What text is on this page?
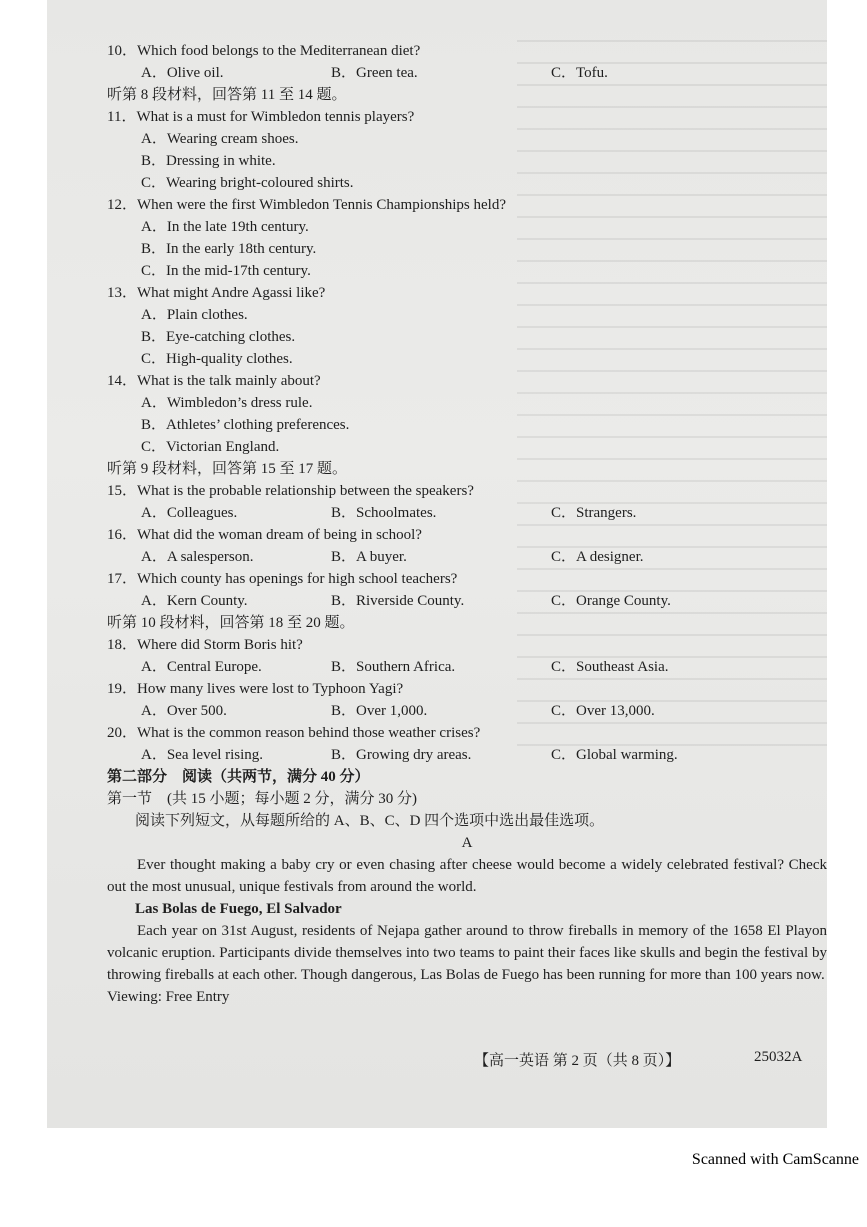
10．Which food belongs to the Mediterranean diet?
A．Olive oil.	B．Green tea.	C．Tofu.
听第 8 段材料，回答第 11 至 14 题。
11．What is a must for Wimbledon tennis players?
A．Wearing cream shoes.
B．Dressing in white.
C．Wearing bright-coloured shirts.
12．When were the first Wimbledon Tennis Championships held?
A．In the late 19th century.
B．In the early 18th century.
C．In the mid-17th century.
13．What might Andre Agassi like?
A．Plain clothes.
B．Eye-catching clothes.
C．High-quality clothes.
14．What is the talk mainly about?
A．Wimbledon’s dress rule.
B．Athletes’ clothing preferences.
C．Victorian England.
听第 9 段材料，回答第 15 至 17 题。
15．What is the probable relationship between the speakers?
A．Colleagues.	B．Schoolmates.	C．Strangers.
16．What did the woman dream of being in school?
A．A salesperson.	B．A buyer.	C．A designer.
17．Which county has openings for high school teachers?
A．Kern County.	B．Riverside County.	C．Orange County.
听第 10 段材料，回答第 18 至 20 题。
18．Where did Storm Boris hit?
A．Central Europe.	B．Southern Africa.	C．Southeast Asia.
19．How many lives were lost to Typhoon Yagi?
A．Over 500.	B．Over 1,000.	C．Over 13,000.
20．What is the common reason behind those weather crises?
A．Sea level rising.	B．Growing dry areas.	C．Global warming.
第二部分　阅读（共两节，满分 40 分）
第一节　(共 15 小题；每小题 2 分，满分 30 分)
阅读下列短文，从每题所给的 A、B、C、D 四个选项中选出最佳选项。
A
Ever thought making a baby cry or even chasing after cheese would become a widely celebrated festival? Check out the most unusual, unique festivals from around the world.
Las Bolas de Fuego, El Salvador
Each year on 31st August, residents of Nejapa gather around to throw fireballs in memory of the 1658 El Playon volcanic eruption. Participants divide themselves into two teams to paint their faces like skulls and begin the festival by throwing fireballs at each other. Though dangerous, Las Bolas de Fuego has been running for more than 100 years now.
Viewing: Free Entry
【高一英语 第 2 页（共 8 页）】	25032A
Scanned with CamScanne
